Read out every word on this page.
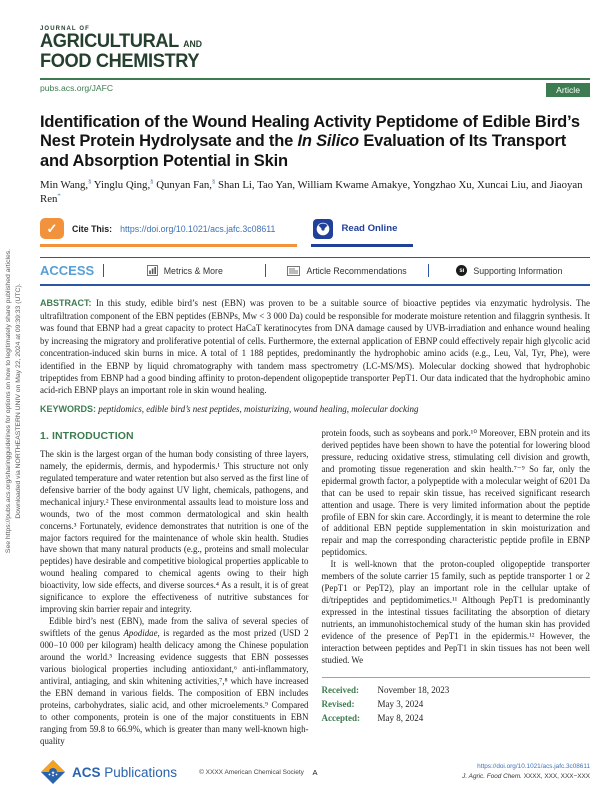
See https://pubs.acs.org/sharingguidelines for options on how to legitimately share published articles. Downloaded via NORTHEASTERN UNIV on May 22, 2024 at 09:39:33 (UTC).
JOURNAL OF
AGRICULTURAL AND
FOOD CHEMISTRY
pubs.acs.org/JAFC	Article
Identification of the Wound Healing Activity Peptidome of Edible Bird’s Nest Protein Hydrolysate and the In Silico Evaluation of Its Transport and Absorption Potential in Skin
Min Wang,§ Yinglu Qing,§ Qunyan Fan,§ Shan Li, Tao Yan, William Kwame Amakye, Yongzhao Xu, Xuncai Liu, and Jiaoyan Ren*
✓	Cite This: https://doi.org/10.1021/acs.jafc.3c08611	Read Online
ACCESS	Metrics & More	Article Recommendations	sı	Supporting Information

ABSTRACT: In this study, edible bird’s nest (EBN) was proven to be a suitable source of bioactive peptides via enzymatic hydrolysis. The ultrafiltration component of the EBN peptides (EBNPs, Mw < 3 000 Da) could be responsible for moderate moisture retention and filaggrin synthesis. It was found that EBNP had a great capacity to protect HaCaT keratinocytes from DNA damage caused by UVB-irradiation and enhance wound healing by increasing the migratory and proliferative potential of cells. Furthermore, the external application of EBNP could effectively repair high glycolic acid concentration-induced skin burns in mice. A total of 1 188 peptides, predominantly the hydrophobic amino acids (e.g., Leu, Val, Tyr, Phe), were identified in the EBNP by liquid chromatography with tandem mass spectrometry (LC-MS/MS). Molecular docking showed that hydrophobic tripeptides from EBNP had a good binding affinity to proton-dependent oligopeptide transporter PepT1. Our data indicated that the hydrophobic amino acid-rich EBNP plays an important role in skin wound healing.

KEYWORDS: peptidomics, edible bird’s nest peptides, moisturizing, wound healing, molecular docking

1. INTRODUCTION

The skin is the largest organ of the human body consisting of three layers, namely, the epidermis, dermis, and hypodermis.¹ This structure not only regulated temperature and water retention but also served as the first line of defensive barrier of the body against UV light, chemicals, pathogens, and mechanical injury.² These environmental assaults lead to moisture loss and wounds, two of the most common dermatological and skin health concerns.³ Fortunately, evidence demonstrates that nutrition is one of the major factors required for the maintenance of whole skin health. Studies have shown that many natural products (e.g., proteins and small molecular peptides) have desirable and competitive biological properties applicable to wound healing compared to chemical agents owing to their high bioactivity, low side effects, and diverse sources.⁴ As a result, it is of great significance to explore the effectiveness of nutritive substances for improving skin barrier repair and integrity.

Edible bird’s nest (EBN), made from the saliva of several species of swiftlets of the genus Apodidae, is regarded as the most prized (USD 2 000−10 000 per kilogram) health delicacy among the Chinese population around the world.⁵ Increasing evidence suggests that EBN possesses various biological properties including antioxidant,⁶ anti-inflammatory, antiviral, antiaging, and skin whitening activities,⁷,⁸ which have increased the EBN demand in various fields. The composition of EBN includes proteins, carbohydrates, sialic acid, and other microelements.⁹ Compared to other components, protein is one of the major constituents in EBN ranging from 59.8 to 66.9%, which is greater than many well-known high-quality

protein foods, such as soybeans and pork.¹⁰ Moreover, EBN protein and its derived peptides have been shown to have the potential for lowering blood pressure, reducing oxidative stress, stimulating cell division and growth, and promoting tissue regeneration and skin health.⁷⁻⁹ So far, only the epidermal growth factor, a polypeptide with a molecular weight of 6201 Da that can be used to repair skin tissue, has received significant research attention and usage. There is very limited information about the peptide profile of EBN for skin care. Accordingly, it is meant to determine the role of additional EBN peptide supplementation in skin moisturization and repair and map the corresponding characteristic peptide profile in EBNP peptidomics.

It is well-known that the proton-coupled oligopeptide transporter members of the solute carrier 15 family, such as peptide transporter 1 or 2 (PepT1 or PepT2), play an important role in the cellular uptake of di/tripeptides and peptidomimetics.¹¹ Although PepT1 is predominantly expressed in the intestinal tissues facilitating the absorption of dietary nutrients, an immunohistochemical study of the human skin has provided evidence of the presence of PepT1 in the epidermis.¹² However, the interaction between peptides and PepT1 in skin tissues has not been well studied. We

Received:	November 18, 2023
Revised:	May 3, 2024
Accepted:	May 8, 2024
★ ACS Publications	© XXXX American Chemical Society A
https://doi.org/10.1021/acs.jafc.3c08611
J. Agric. Food Chem. XXXX, XXX, XXX−XXX
